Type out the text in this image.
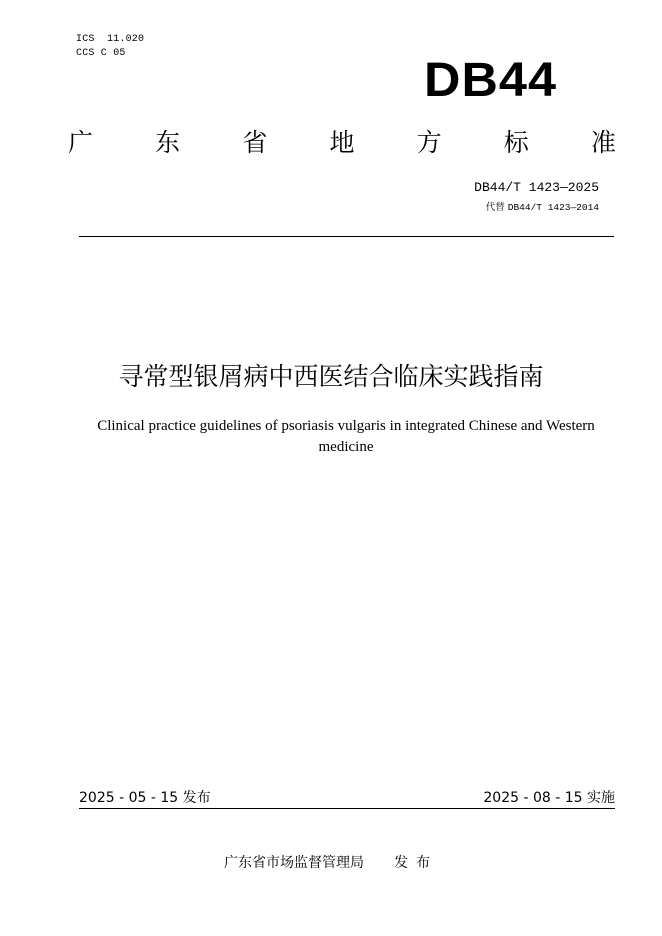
ICS  11.020
CCS C 05
DB44
广 东 省 地 方 标 准
DB44/T 1423—2025
代替 DB44/T 1423—2014
寻常型银屑病中西医结合临床实践指南
Clinical practice guidelines of psoriasis vulgaris in integrated Chinese and Western medicine
2025 - 05 - 15 发布	2025 - 08 - 15 实施
广东省市场监督管理局 发布
